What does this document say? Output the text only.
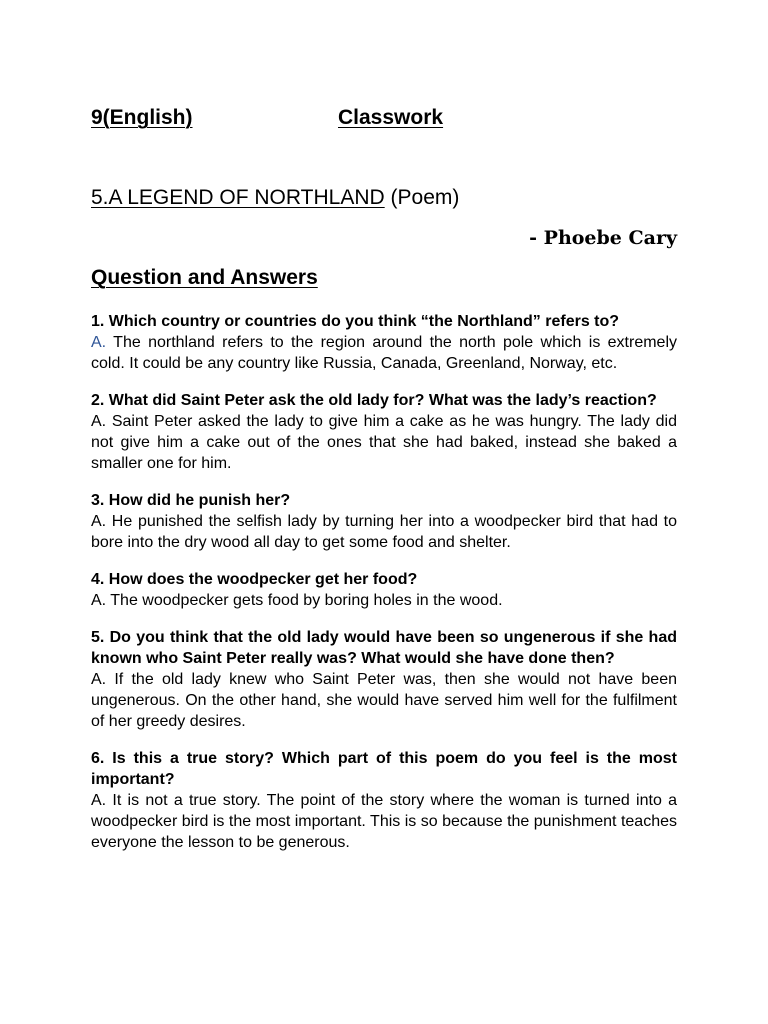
9(English)	Classwork
5.A LEGEND OF NORTHLAND (Poem)
- Phoebe Cary
Question and Answers
1. Which country or countries do you think “the Northland” refers to?
A. The northland refers to the region around the north pole which is extremely cold. It could be any country like Russia, Canada, Greenland, Norway, etc.
2. What did Saint Peter ask the old lady for? What was the lady’s reaction?
A. Saint Peter asked the lady to give him a cake as he was hungry. The lady did not give him a cake out of the ones that she had baked, instead she baked a smaller one for him.
3. How did he punish her?
A. He punished the selfish lady by turning her into a woodpecker bird that had to bore into the dry wood all day to get some food and shelter.
4. How does the woodpecker get her food?
A. The woodpecker gets food by boring holes in the wood.
5. Do you think that the old lady would have been so ungenerous if she had known who Saint Peter really was? What would she have done then?
A. If the old lady knew who Saint Peter was, then she would not have been ungenerous. On the other hand, she would have served him well for the fulfilment of her greedy desires.
6. Is this a true story? Which part of this poem do you feel is the most important?
A. It is not a true story. The point of the story where the woman is turned into a woodpecker bird is the most important. This is so because the punishment teaches everyone the lesson to be generous.
